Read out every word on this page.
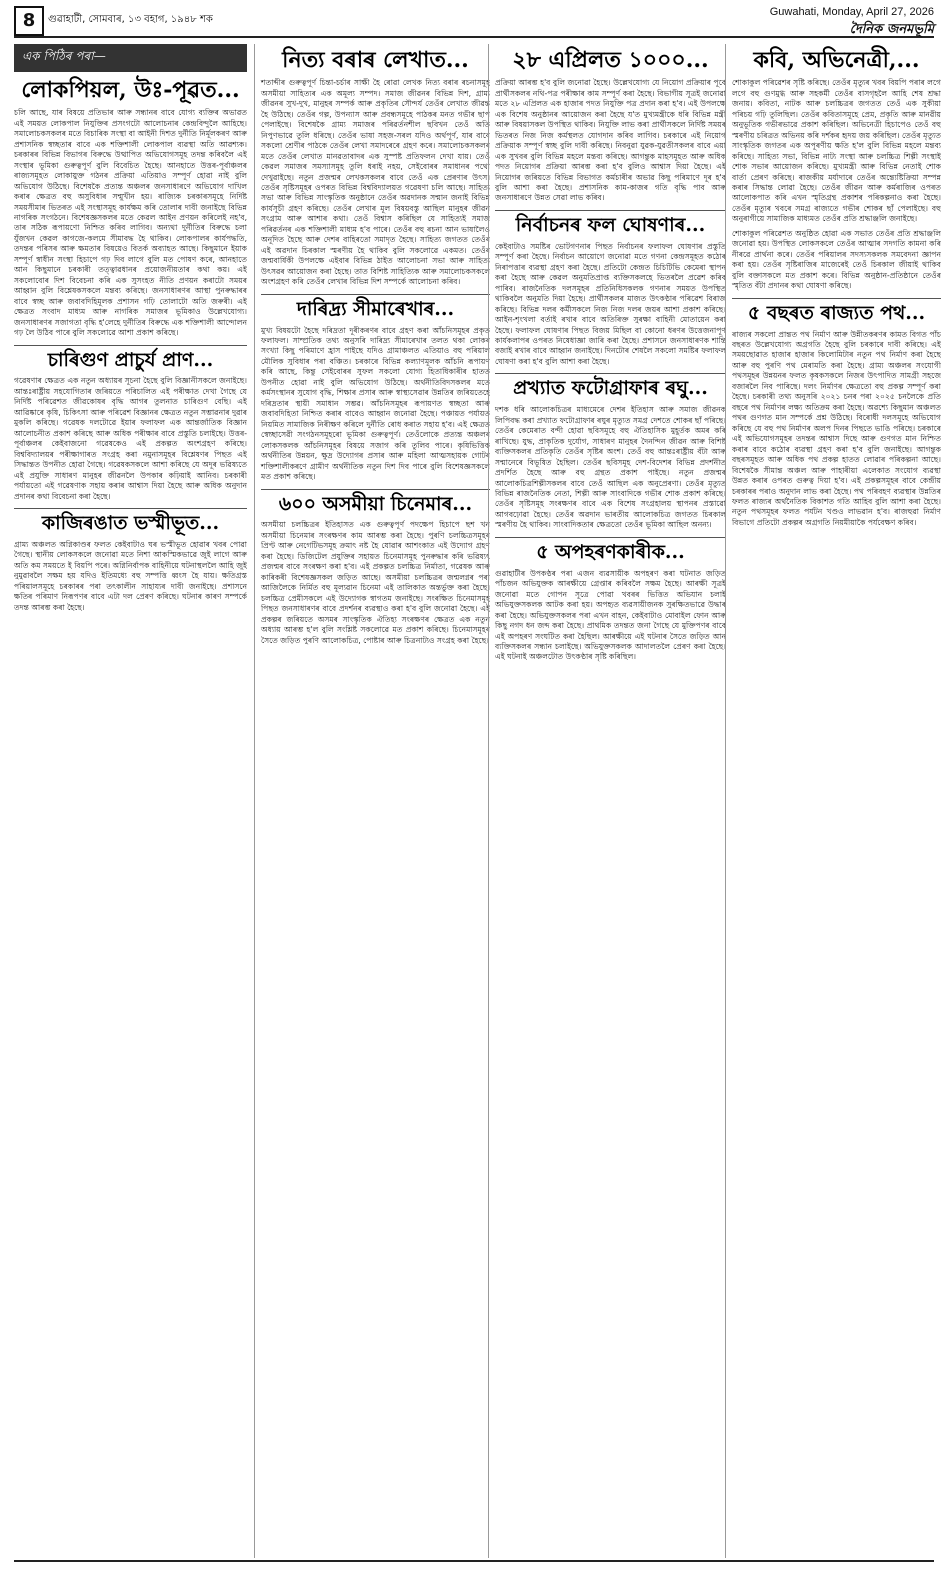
8	গুৱাহাটী, সোমবাৰ, ১৩ বহাগ, ১৯৪৮ শক
Guwahati, Monday, April 27, 2026
দৈনিক জনমভূমি
এক পিঠিৰ পৰা—
লোকপিয়ল, উঃ-পূৱত...

চলি আছে, যাৰ বিষয়ে প্ৰতিভাৰ আৰু সন্ধানৰ বাবে যোগ্য ব্যক্তিৰ অভাৱত এই সময়ত লোকপাল নিযুক্তিৰ প্ৰসংগটো আলোচনাৰ কেন্দ্ৰবিন্দুলৈ আহিছে। সমালোচকসকলৰ মতে বিচাৰিক সংস্থা বা আইনী দিশত দুৰ্নীতি নিৰ্মূলকৰণ আৰু প্ৰশাসনিক স্বচ্ছতাৰ বাবে এক শক্তিশালী লোকপাল ব্যৱস্থা অতি আৱশ্যক। চৰকাৰৰ বিভিন্ন বিভাগৰ বিৰুদ্ধে উত্থাপিত অভিযোগসমূহ তদন্ত কৰিবলৈ এই সংস্থাৰ ভূমিকা গুৰুত্বপূৰ্ণ বুলি বিবেচিত হৈছে। আনহাতে উত্তৰ-পূৰ্বাঞ্চলৰ ৰাজ্যসমূহত লোকায়ুক্ত গঠনৰ প্ৰক্ৰিয়া এতিয়াও সম্পূৰ্ণ হোৱা নাই বুলি অভিযোগ উঠিছে। বিশেষকৈ প্ৰত্যন্ত অঞ্চলৰ জনসাধাৰণে অভিযোগ দাখিল কৰাৰ ক্ষেত্ৰত বহু অসুবিধাৰ সন্মুখীন হয়। ৰাজ্যিক চৰকাৰসমূহে নিৰ্দিষ্ট সময়সীমাৰ ভিতৰত এই সংস্থাসমূহ কাৰ্যক্ষম কৰি তোলাৰ দাবী জনাইছে বিভিন্ন নাগৰিক সংগঠনে। বিশেষজ্ঞসকলৰ মতে কেৱল আইন প্ৰণয়ন কৰিলেই নহ'ব, তাৰ সঠিক ৰূপায়ণো নিশ্চিত কৰিব লাগিব। অন্যথা দুৰ্নীতিৰ বিৰুদ্ধে চলা যুঁজখন কেৱল কাগজে-কলমে সীমাবদ্ধ হৈ থাকিব। লোকপালৰ কাৰ্যপদ্ধতি, তদন্তৰ পৰিসৰ আৰু ক্ষমতাৰ বিষয়েও বিতৰ্ক অব্যাহত আছে। কিছুমানে ইয়াক সম্পূৰ্ণ স্বাধীন সংস্থা হিচাপে গঢ় দিব লাগে বুলি মত পোষণ কৰে, আনহাতে আন কিছুমানে চৰকাৰী তত্ত্বাৱধানৰ প্ৰয়োজনীয়তাৰ কথা কয়। এই সকলোবোৰ দিশ বিবেচনা কৰি এক সুসংহত নীতি প্ৰণয়ন কৰাটো সময়ৰ আহ্বান বুলি বিশ্লেষকসকলে মন্তব্য কৰিছে। জনসাধাৰণৰ আস্থা পুনৰুদ্ধাৰৰ বাবে স্বচ্ছ আৰু জবাবদিহিমূলক প্ৰশাসন গঢ়ি তোলাটো অতি জৰুৰী। এই ক্ষেত্ৰত সংবাদ মাধ্যম আৰু নাগৰিক সমাজৰ ভূমিকাও উল্লেখযোগ্য। জনসাধাৰণৰ সজাগতা বৃদ্ধি হ'লেহে দুৰ্নীতিৰ বিৰুদ্ধে এক শক্তিশালী আন্দোলন গঢ় লৈ উঠিব পাৰে বুলি সকলোৱে আশা প্ৰকাশ কৰিছে।

চাৰিগুণ প্ৰাচুৰ্য প্ৰাণ...

গৱেষণাৰ ক্ষেত্ৰত এক নতুন অধ্যায়ৰ সূচনা হৈছে বুলি বিজ্ঞানীসকলে জনাইছে। আন্তঃৰাষ্ট্ৰীয় সহযোগিতাৰ জৰিয়তে পৰিচালিত এই পৰীক্ষাত দেখা গৈছে যে নিৰ্দিষ্ট পৰিৱেশত জীৱকোষৰ বৃদ্ধি আগৰ তুলনাত চাৰিগুণ বেছি। এই আৱিষ্কাৰে কৃষি, চিকিৎসা আৰু পৰিৱেশ বিজ্ঞানৰ ক্ষেত্ৰত নতুন সম্ভাৱনাৰ দুৱাৰ মুকলি কৰিছে। গৱেষক দলটোৱে ইয়াৰ ফলাফল এক আন্তৰ্জাতিক বিজ্ঞান আলোচনীত প্ৰকাশ কৰিছে আৰু অধিক পৰীক্ষাৰ বাবে প্ৰস্তুতি চলাইছে। উত্তৰ-পূৰ্বাঞ্চলৰ কেইবাজনো গৱেষকেও এই প্ৰকল্পত অংশগ্ৰহণ কৰিছে। বিশ্ববিদ্যালয়ৰ পৰীক্ষাগাৰত সংগ্ৰহ কৰা নমুনাসমূহৰ বিশ্লেষণৰ পিছত এই সিদ্ধান্তত উপনীত হোৱা গৈছে। গৱেষকসকলে আশা কৰিছে যে অদূৰ ভৱিষ্যতে এই প্ৰযুক্তি সাধাৰণ মানুহৰ জীৱনলৈ উপকাৰ কঢ়িয়াই আনিব। চৰকাৰী পৰ্যায়তো এই গৱেষণাক সহায় কৰাৰ আশ্বাস দিয়া হৈছে আৰু অধিক অনুদান প্ৰদানৰ কথা বিবেচনা কৰা হৈছে।

কাজিৰঙাত ভস্মীভূত...

গ্ৰাম্য অঞ্চলত অগ্নিকাণ্ডৰ ফলত কেইবাটাও ঘৰ ভস্মীভূত হোৱাৰ খবৰ পোৱা গৈছে। স্থানীয় লোকসকলে জনোৱা মতে নিশা আকস্মিকভাৱে জুই লাগে আৰু অতি কম সময়তে ই বিয়পি পৰে। অগ্নিনিৰ্বাপক বাহিনীয়ে ঘটনাস্থললৈ আহি জুই নুমুৱাবলৈ সক্ষম হয় যদিও ইতিমধ্যে বহু সম্পত্তি ধ্বংস হৈ যায়। ক্ষতিগ্ৰস্ত পৰিয়ালসমূহে চৰকাৰৰ পৰা তৎকালীন সাহায্যৰ দাবী জনাইছে। প্ৰশাসনে ক্ষতিৰ পৰিমাণ নিৰূপণৰ বাবে এটা দল প্ৰেৰণ কৰিছে। ঘটনাৰ কাৰণ সম্পৰ্কে তদন্ত আৰম্ভ কৰা হৈছে।

নিত্য বৰাৰ লেখাত...

শতাব্দীৰ গুৰুত্বপূৰ্ণ চিন্তা-চৰ্চাৰ সাক্ষী হৈ ৰোৱা লেখক নিত্য বৰাৰ ৰচনাসমূহ অসমীয়া সাহিত্যৰ এক অমূল্য সম্পদ। সমাজ জীৱনৰ বিভিন্ন দিশ, গ্ৰাম্য জীৱনৰ সুখ-দুখ, মানুহৰ সম্পৰ্ক আৰু প্ৰকৃতিৰ সৌন্দৰ্য তেওঁৰ লেখাত জীৱন্ত হৈ উঠিছে। তেওঁৰ গল্প, উপন্যাস আৰু প্ৰবন্ধসমূহে পাঠকৰ মনত গভীৰ ছাপ পেলাইছে। বিশেষকৈ গ্ৰাম্য সমাজৰ পৰিৱৰ্তনশীল ছবিখন তেওঁ অতি নিপুণভাৱে তুলি ধৰিছে। তেওঁৰ ভাষা সহজ-সৰল যদিও অৰ্থপূৰ্ণ, যাৰ বাবে সকলো শ্ৰেণীৰ পাঠকে তেওঁৰ লেখা সমাদৰেৰে গ্ৰহণ কৰে। সমালোচকসকলৰ মতে তেওঁৰ লেখাত মানৱতাবাদৰ এক সুস্পষ্ট প্ৰতিফলন দেখা যায়। তেওঁ কেৱল সমাজৰ সমস্যাসমূহ তুলি ধৰাই নহয়, সেইবোৰৰ সমাধানৰ পথো দেখুৱাইছে। নতুন প্ৰজন্মৰ লেখকসকলৰ বাবে তেওঁ এক প্ৰেৰণাৰ উৎস। তেওঁৰ সৃষ্টিসমূহৰ ওপৰত বিভিন্ন বিশ্ববিদ্যালয়ত গৱেষণা চলি আছে। সাহিত্য সভা আৰু বিভিন্ন সাংস্কৃতিক অনুষ্ঠানে তেওঁৰ অৱদানক সন্মান জনাই বিভিন্ন কাৰ্যসূচী গ্ৰহণ কৰিছে। তেওঁৰ লেখাৰ মূল বিষয়বস্তু আছিল মানুহৰ জীৱন সংগ্ৰাম আৰু আশাৰ কথা। তেওঁ বিশ্বাস কৰিছিল যে সাহিত্যই সমাজ পৰিৱৰ্তনৰ এক শক্তিশালী মাধ্যম হ'ব পাৰে। তেওঁৰ বহু ৰচনা আন ভাষালৈও অনূদিত হৈছে আৰু দেশৰ বাহিৰতো সমাদৃত হৈছে। সাহিত্য জগতত তেওঁৰ এই অৱদান চিৰকাল স্মৰণীয় হৈ থাকিব বুলি সকলোৱে একমত। তেওঁৰ জন্মবাৰ্ষিকী উপলক্ষে এইবাৰ বিভিন্ন ঠাইত আলোচনা সভা আৰু সাহিত্য উৎসৱৰ আয়োজন কৰা হৈছে। তাত বিশিষ্ট সাহিত্যিক আৰু সমালোচকসকলে অংশগ্ৰহণ কৰি তেওঁৰ লেখাৰ বিভিন্ন দিশ সম্পৰ্কে আলোচনা কৰিব।

দাৰিদ্ৰ্য সীমাৰেখাৰ...

মুখ্য বিষয়টো হৈছে দৰিদ্ৰতা দূৰীকৰণৰ বাবে গ্ৰহণ কৰা আঁচনিসমূহৰ প্ৰকৃত ফলাফল। সাম্প্ৰতিক তথ্য অনুসৰি দাৰিদ্ৰ্য সীমাৰেখাৰ তলত থকা লোকৰ সংখ্যা কিছু পৰিমাণে হ্ৰাস পাইছে যদিও গ্ৰামাঞ্চলত এতিয়াও বহু পৰিয়াল মৌলিক সুবিধাৰ পৰা বঞ্চিত। চৰকাৰে বিভিন্ন কল্যাণমূলক আঁচনি ৰূপায়ণ কৰি আছে, কিন্তু সেইবোৰৰ সুফল সকলো যোগ্য হিতাধিকাৰীৰ হাতত উপনীত হোৱা নাই বুলি অভিযোগ উঠিছে। অৰ্থনীতিবিদসকলৰ মতে কৰ্মসংস্থানৰ সুযোগ বৃদ্ধি, শিক্ষাৰ প্ৰসাৰ আৰু স্বাস্থ্যসেৱাৰ উন্নতিৰ জৰিয়তেহে দৰিদ্ৰতাৰ স্থায়ী সমাধান সম্ভৱ। আঁচনিসমূহৰ ৰূপায়ণত স্বচ্ছতা আৰু জবাবদিহিতা নিশ্চিত কৰাৰ বাবেও আহ্বান জনোৱা হৈছে। পঞ্চায়ত পৰ্যায়ত নিয়মিত সামাজিক নিৰীক্ষণ কৰিলে দুৰ্নীতি ৰোধ কৰাত সহায় হ'ব। এই ক্ষেত্ৰত স্বেচ্ছাসেৱী সংগঠনসমূহৰো ভূমিকা গুৰুত্বপূৰ্ণ। তেওঁলোকে প্ৰত্যন্ত অঞ্চলৰ লোকসকলক আঁচনিসমূহৰ বিষয়ে সজাগ কৰি তুলিব পাৰে। কৃষিভিত্তিক অৰ্থনীতিৰ উন্নয়ন, ক্ষুদ্ৰ উদ্যোগৰ প্ৰসাৰ আৰু মহিলা আত্মসহায়ক গোটৰ শক্তিশালীকৰণে গ্ৰামীণ অৰ্থনীতিক নতুন দিশ দিব পাৰে বুলি বিশেষজ্ঞসকলে মত প্ৰকাশ কৰিছে।

৬০০ অসমীয়া চিনেমাৰ...

অসমীয়া চলচ্চিত্ৰৰ ইতিহাসত এক গুৰুত্বপূৰ্ণ পদক্ষেপ হিচাপে ছশ খন অসমীয়া চিনেমাৰ সংৰক্ষণৰ কাম আৰম্ভ কৰা হৈছে। পুৰণি চলচ্চিত্ৰসমূহৰ প্ৰিণ্ট আৰু নেগেটিভসমূহ ক্ৰমাৎ নষ্ট হৈ যোৱাৰ আশংকাত এই উদ্যোগ গ্ৰহণ কৰা হৈছে। ডিজিটেল প্ৰযুক্তিৰ সহায়ত চিনেমাসমূহ পুনৰুদ্ধাৰ কৰি ভৱিষ্যৎ প্ৰজন্মৰ বাবে সংৰক্ষণ কৰা হ'ব। এই প্ৰকল্পত চলচ্চিত্ৰ নিৰ্মাতা, গৱেষক আৰু কাৰিকৰী বিশেষজ্ঞসকল জড়িত আছে। অসমীয়া চলচ্চিত্ৰৰ জন্মলগ্নৰ পৰা আজিলৈকে নিৰ্মিত বহু মূল্যৱান চিনেমা এই তালিকাত অন্তৰ্ভুক্ত কৰা হৈছে। চলচ্চিত্ৰ প্ৰেমীসকলে এই উদ্যোগক স্বাগতম জনাইছে। সংৰক্ষিত চিনেমাসমূহ পিছত জনসাধাৰণৰ বাবে প্ৰদৰ্শনৰ ব্যৱস্থাও কৰা হ'ব বুলি জনোৱা হৈছে। এই প্ৰকল্পৰ জৰিয়তে অসমৰ সাংস্কৃতিক ঐতিহ্য সংৰক্ষণৰ ক্ষেত্ৰত এক নতুন অধ্যায় আৰম্ভ হ'ল বুলি সংশ্লিষ্ট সকলোৱে মত প্ৰকাশ কৰিছে। চিনেমাসমূহৰ সৈতে জড়িত পুৰণি আলোকচিত্ৰ, পোষ্টাৰ আৰু চিত্ৰনাট্যও সংগ্ৰহ কৰা হৈছে।

২৮ এপ্ৰিলত ১০০০...

প্ৰক্ৰিয়া আৰম্ভ হ'ব বুলি জনোৱা হৈছে। উল্লেখযোগ্য যে নিয়োগ প্ৰক্ৰিয়াৰ পূৰ্বে প্ৰাৰ্থীসকলৰ নথি-পত্ৰ পৰীক্ষাৰ কাম সম্পূৰ্ণ কৰা হৈছে। বিভাগীয় সূত্ৰই জনোৱা মতে ২৮ এপ্ৰিলত এক হাজাৰ পদত নিযুক্তি পত্ৰ প্ৰদান কৰা হ'ব। এই উপলক্ষে এক বিশেষ অনুষ্ঠানৰ আয়োজন কৰা হৈছে য'ত মুখ্যমন্ত্ৰীকে ধৰি বিভিন্ন মন্ত্ৰী আৰু বিষয়াসকল উপস্থিত থাকিব। নিযুক্তি লাভ কৰা প্ৰাৰ্থীসকলে নিৰ্দিষ্ট সময়ৰ ভিতৰত নিজ নিজ কৰ্মস্থলত যোগদান কৰিব লাগিব। চৰকাৰে এই নিয়োগ প্ৰক্ৰিয়াক সম্পূৰ্ণ স্বচ্ছ বুলি দাবী কৰিছে। নিবনুৱা যুৱক-যুৱতীসকলৰ বাবে এয়া এক সুখবৰ বুলি বিভিন্ন মহলে মন্তব্য কৰিছে। আগন্তুক মাহসমূহত আৰু অধিক পদত নিয়োগৰ প্ৰক্ৰিয়া আৰম্ভ কৰা হ'ব বুলিও আশ্বাস দিয়া হৈছে। এই নিয়োগৰ জৰিয়তে বিভিন্ন বিভাগত কৰ্মচাৰীৰ অভাৱ কিছু পৰিমাণে দূৰ হ'ব বুলি আশা কৰা হৈছে। প্ৰশাসনিক কাম-কাজৰ গতি বৃদ্ধি পাব আৰু জনসাধাৰণে উন্নত সেৱা লাভ কৰিব।

নিৰ্বাচনৰ ফল ঘোষণাৰ...

কেইবাটাও সমষ্টিৰ ভোটগণনাৰ পিছত নিৰ্বাচনৰ ফলাফল ঘোষণাৰ প্ৰস্তুতি সম্পূৰ্ণ কৰা হৈছে। নিৰ্বাচন আয়োগে জনোৱা মতে গণনা কেন্দ্ৰসমূহত কঠোৰ নিৰাপত্তাৰ ব্যৱস্থা গ্ৰহণ কৰা হৈছে। প্ৰতিটো কেন্দ্ৰত চিচিটিভি কেমেৰা স্থাপন কৰা হৈছে আৰু কেৱল অনুমতিপ্ৰাপ্ত ব্যক্তিসকলহে ভিতৰলৈ প্ৰৱেশ কৰিব পাৰিব। ৰাজনৈতিক দলসমূহৰ প্ৰতিনিধিসকলক গণনাৰ সময়ত উপস্থিত থাকিবলৈ অনুমতি দিয়া হৈছে। প্ৰাৰ্থীসকলৰ মাজত উৎকণ্ঠাৰ পৰিৱেশ বিৰাজ কৰিছে। বিভিন্ন দলৰ কৰ্মীসকলে নিজ নিজ দলৰ জয়ৰ আশা প্ৰকাশ কৰিছে। আইন-শৃংখলা বৰ্তাই ৰখাৰ বাবে অতিৰিক্ত সুৰক্ষা বাহিনী মোতায়েন কৰা হৈছে। ফলাফল ঘোষণাৰ পিছত বিজয় মিছিল বা কোনো ধৰণৰ উত্তেজনাপূৰ্ণ কাৰ্যকলাপৰ ওপৰত নিষেধাজ্ঞা জাৰি কৰা হৈছে। প্ৰশাসনে জনসাধাৰণক শান্তি বজাই ৰখাৰ বাবে আহ্বান জনাইছে। দিনটোৰ শেষলৈ সকলো সমষ্টিৰ ফলাফল ঘোষণা কৰা হ'ব বুলি আশা কৰা হৈছে।

প্ৰখ্যাত ফটোগ্ৰাফাৰ ৰঘু...

দশক ধৰি আলোকচিত্ৰৰ মাধ্যমেৰে দেশৰ ইতিহাস আৰু সমাজ জীৱনক লিপিবদ্ধ কৰা প্ৰখ্যাত ফটোগ্ৰাফাৰ ৰঘুৰ মৃত্যুত সমগ্ৰ দেশতে শোকৰ ছাঁ পৰিছে। তেওঁৰ কেমেৰাত বন্দী হোৱা ছবিসমূহে বহু ঐতিহাসিক মুহূৰ্তক অমৰ কৰি ৰাখিছে। যুদ্ধ, প্ৰাকৃতিক দুৰ্যোগ, সাধাৰণ মানুহৰ দৈনন্দিন জীৱন আৰু বিশিষ্ট ব্যক্তিসকলৰ প্ৰতিকৃতি তেওঁৰ সৃষ্টিৰ অংশ। তেওঁ বহু আন্তঃৰাষ্ট্ৰীয় বঁটা আৰু সন্মানেৰে বিভূষিত হৈছিল। তেওঁৰ ছবিসমূহ দেশ-বিদেশৰ বিভিন্ন প্ৰদৰ্শনীত প্ৰদৰ্শিত হৈছে আৰু বহু গ্ৰন্থত প্ৰকাশ পাইছে। নতুন প্ৰজন্মৰ আলোকচিত্ৰশিল্পীসকলৰ বাবে তেওঁ আছিল এক অনুপ্ৰেৰণা। তেওঁৰ মৃত্যুত বিভিন্ন ৰাজনৈতিক নেতা, শিল্পী আৰু সাংবাদিকে গভীৰ শোক প্ৰকাশ কৰিছে। তেওঁৰ সৃষ্টিসমূহ সংৰক্ষণৰ বাবে এক বিশেষ সংগ্ৰহালয় স্থাপনৰ প্ৰস্তাৱো আগবঢ়োৱা হৈছে। তেওঁৰ অৱদান ভাৰতীয় আলোকচিত্ৰ জগতত চিৰকাল স্মৰণীয় হৈ থাকিব। সাংবাদিকতাৰ ক্ষেত্ৰতো তেওঁৰ ভূমিকা আছিল অনন্য।

৫ অপহৰণকাৰীক...

গুৱাহাটীৰ উপকণ্ঠৰ পৰা এজন ব্যৱসায়ীক অপহৰণ কৰা ঘটনাত জড়িত পাঁচজন অভিযুক্তক আৰক্ষীয়ে গ্ৰেপ্তাৰ কৰিবলৈ সক্ষম হৈছে। আৰক্ষী সূত্ৰই জনোৱা মতে গোপন সূত্ৰে পোৱা খবৰৰ ভিত্তিত অভিযান চলাই অভিযুক্তসকলক আটক কৰা হয়। অপহৃত ব্যৱসায়ীজনক সুৰক্ষিতভাৱে উদ্ধাৰ কৰা হৈছে। অভিযুক্তসকলৰ পৰা এখন বাহন, কেইবাটাও মোবাইল ফোন আৰু কিছু নগদ ধন জব্দ কৰা হৈছে। প্ৰাথমিক তদন্তত জনা গৈছে যে মুক্তিপণৰ বাবে এই অপহৰণ সংঘটিত কৰা হৈছিল। আৰক্ষীয়ে এই ঘটনাৰ সৈতে জড়িত আন ব্যক্তিসকলৰ সন্ধান চলাইছে। অভিযুক্তসকলক আদালতলৈ প্ৰেৰণ কৰা হৈছে। এই ঘটনাই অঞ্চলটোত উৎকণ্ঠাৰ সৃষ্টি কৰিছিল।

কবি, অভিনেত্ৰী,...

শোকাকুল পৰিৱেশৰ সৃষ্টি কৰিছে। তেওঁৰ মৃত্যুৰ খবৰ বিয়পি পৰাৰ লগে লগে বহু গুণমুগ্ধ আৰু সহকৰ্মী তেওঁৰ বাসগৃহলৈ আহি শেষ শ্ৰদ্ধা জনায়। কবিতা, নাটক আৰু চলচ্চিত্ৰৰ জগতত তেওঁ এক সুকীয়া পৰিচয় গঢ়ি তুলিছিল। তেওঁৰ কবিতাসমূহে প্ৰেম, প্ৰকৃতি আৰু মানৱীয় অনুভূতিক গভীৰভাৱে প্ৰকাশ কৰিছিল। অভিনেত্ৰী হিচাপেও তেওঁ বহু স্মৰণীয় চৰিত্ৰত অভিনয় কৰি দৰ্শকৰ হৃদয় জয় কৰিছিল। তেওঁৰ মৃত্যুত সাংস্কৃতিক জগতৰ এক অপূৰণীয় ক্ষতি হ'ল বুলি বিভিন্ন মহলে মন্তব্য কৰিছে। সাহিত্য সভা, বিভিন্ন নাট্য সংস্থা আৰু চলচ্চিত্ৰ শিল্পী সংস্থাই শোক সভাৰ আয়োজন কৰিছে। মুখ্যমন্ত্ৰী আৰু বিভিন্ন নেতাই শোক বাৰ্তা প্ৰেৰণ কৰিছে। ৰাজকীয় মৰ্যাদাৰে তেওঁৰ অন্ত্যেষ্টিক্ৰিয়া সম্পন্ন কৰাৰ সিদ্ধান্ত লোৱা হৈছে। তেওঁৰ জীৱন আৰু কৰ্মৰাজিৰ ওপৰত আলোকপাত কৰি এখন স্মৃতিগ্ৰন্থ প্ৰকাশৰ পৰিকল্পনাও কৰা হৈছে। তেওঁৰ মৃত্যুৰ খবৰে সমগ্ৰ ৰাজ্যতে গভীৰ শোকৰ ছাঁ পেলাইছে। বহু অনুৰাগীয়ে সামাজিক মাধ্যমত তেওঁৰ প্ৰতি শ্ৰদ্ধাঞ্জলি জনাইছে।

শোকাকুল পৰিৱেশত অনুষ্ঠিত হোৱা এক সভাত তেওঁৰ প্ৰতি শ্ৰদ্ধাঞ্জলি জনোৱা হয়। উপস্থিত লোকসকলে তেওঁৰ আত্মাৰ সদগতি কামনা কৰি নীৰৱে প্ৰাৰ্থনা কৰে। তেওঁৰ পৰিয়ালৰ সদস্যসকলক সমবেদনা জ্ঞাপন কৰা হয়। তেওঁৰ সৃষ্টিৰাজিৰ মাজেৰেই তেওঁ চিৰকাল জীয়াই থাকিব বুলি বক্তাসকলে মত প্ৰকাশ কৰে। বিভিন্ন অনুষ্ঠান-প্ৰতিষ্ঠানে তেওঁৰ স্মৃতিত বঁটা প্ৰদানৰ কথা ঘোষণা কৰিছে।

৫ বছৰত ৰাজ্যত পথ...

ৰাজ্যৰ সকলো প্ৰান্তত পথ নিৰ্মাণ আৰু উন্নীতকৰণৰ কামত বিগত পাঁচ বছৰত উল্লেখযোগ্য অগ্ৰগতি হৈছে বুলি চৰকাৰে দাবী কৰিছে। এই সময়ছোৱাত হাজাৰ হাজাৰ কিলোমিটাৰ নতুন পথ নিৰ্মাণ কৰা হৈছে আৰু বহু পুৰণি পথ মেৰামতি কৰা হৈছে। গ্ৰাম্য অঞ্চলৰ সংযোগী পথসমূহৰ উন্নয়নৰ ফলত কৃষকসকলে নিজৰ উৎপাদিত সামগ্ৰী সহজে বজাৰলৈ নিব পাৰিছে। দলং নিৰ্মাণৰ ক্ষেত্ৰতো বহু প্ৰকল্প সম্পূৰ্ণ কৰা হৈছে। চৰকাৰী তথ্য অনুসৰি ২০২১ চনৰ পৰা ২০২৫ চনলৈকে প্ৰতি বছৰে পথ নিৰ্মাণৰ লক্ষ্য অতিক্ৰম কৰা হৈছে। অৱশ্যে কিছুমান অঞ্চলত পথৰ গুণগত মান সম্পৰ্কে প্ৰশ্ন উঠিছে। বিৰোধী দলসমূহে অভিযোগ কৰিছে যে বহু পথ নিৰ্মাণৰ অলপ দিনৰ পিছতে ভাঙি পৰিছে। চৰকাৰে এই অভিযোগসমূহৰ তদন্তৰ আশ্বাস দিছে আৰু গুণগত মান নিশ্চিত কৰাৰ বাবে কঠোৰ ব্যৱস্থা গ্ৰহণ কৰা হ'ব বুলি জনাইছে। আগন্তুক বছৰসমূহত আৰু অধিক পথ প্ৰকল্প হাতত লোৱাৰ পৰিকল্পনা আছে। বিশেষকৈ সীমান্ত অঞ্চল আৰু পাহাৰীয়া এলেকাত সংযোগ ব্যৱস্থা উন্নত কৰাৰ ওপৰত গুৰুত্ব দিয়া হ'ব। এই প্ৰকল্পসমূহৰ বাবে কেন্দ্ৰীয় চৰকাৰৰ পৰাও অনুদান লাভ কৰা হৈছে। পথ পৰিবহণ ব্যৱস্থাৰ উন্নতিৰ ফলত ৰাজ্যৰ অৰ্থনৈতিক বিকাশত গতি আহিব বুলি আশা কৰা হৈছে। নতুন পথসমূহৰ ফলত পৰ্যটন খণ্ডও লাভৱান হ'ব। ৰাজহুৱা নিৰ্মাণ বিভাগে প্ৰতিটো প্ৰকল্পৰ অগ্ৰগতি নিয়মীয়াকৈ পৰ্যবেক্ষণ কৰিব।
